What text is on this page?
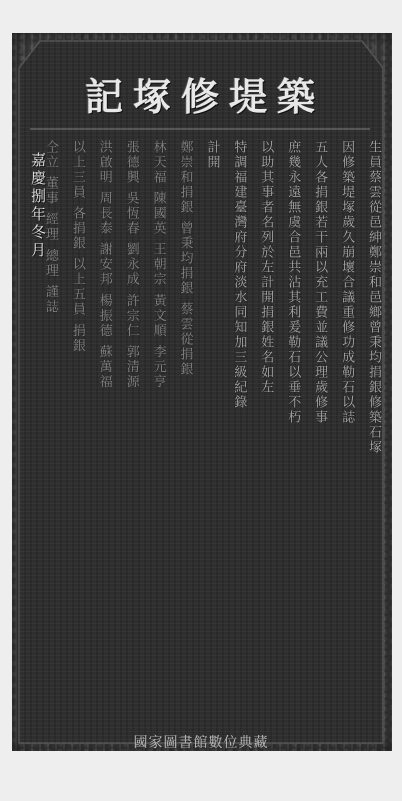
記 塚 修 堤 築
生員蔡雲從邑紳鄭崇和邑鄉曾秉均捐銀修築石塚
因修築堤塚歲久崩壞合議重修功成勒石以誌
五人各捐銀若干兩以充工費並議公理歲修事
庶幾永遠無虞合邑共沾其利爰勒石以垂不朽
以助其事者名列於左計開捐銀姓名如左
特調福建臺灣府分府淡水同知加三級紀錄
計開
鄭崇和捐銀 曾秉均捐銀 蔡雲從捐銀
林天福 陳國英 王朝宗 黃文順 李元亨
張德興 吳恆春 劉永成 許宗仁 郭清源
洪啟明 周長泰 謝安邦 楊振德 蘇萬福
以上三員 各捐銀 以上五員 捐銀
仝立 董事 經理 總理 謹誌
嘉慶捌年冬月
國家圖書館數位典藏
